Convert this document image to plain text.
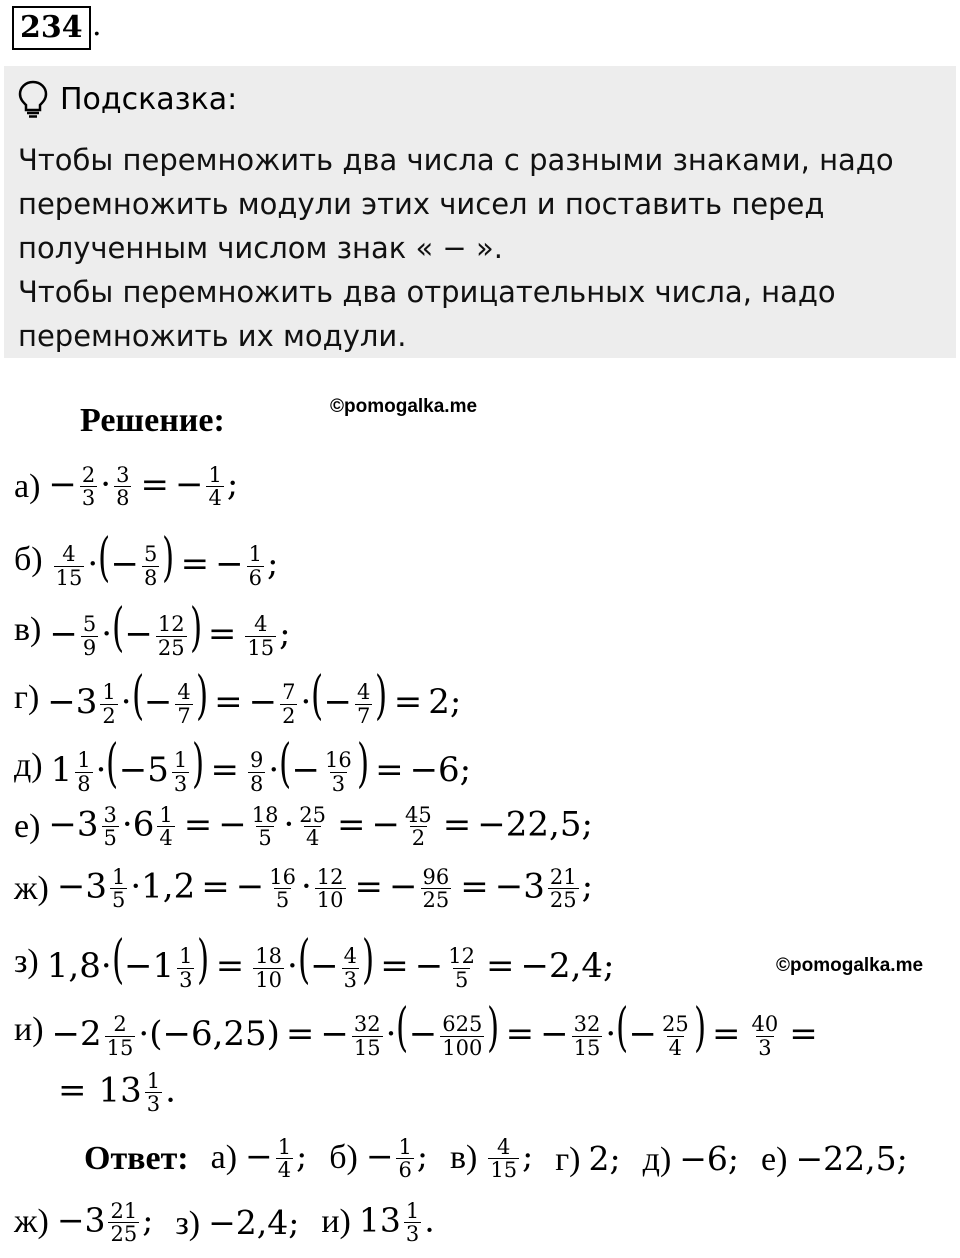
234 .
Подсказка:
Чтобы перемножить два числа с разными знаками, надо
перемножить модули этих чисел и поставить перед
полученным числом знак « − ».
Чтобы перемножить два отрицательных числа, надо
перемножить их модули.
Решение:	©pomogalka.me
$а) - \frac{2}{3} \cdot \frac{3}{8}$ = − $\frac{1}{4}$ ;
$б) \frac{4}{15}$ ·(− $\frac{5}{8}$ ) = − $\frac{1}{6}$ ;
$в) - \frac{5}{9}$ ·(− $\frac{12}{25}$ ) = $\frac{4}{15}$ ;
$г) -3 \frac{1}{2}$ ·(− $\frac{4}{7}$ ) = − $\frac{7}{2}$ ·(− $\frac{4}{7}$ ) = 2;
д) $1 \frac{1}{8} \cdot(-5 \frac{1}{3}$ ) = $\frac{9}{8}$ ·(− $\frac{16}{3}$ ) = −6;
$е) -3 \frac{3}{5} \cdot 6 \frac{1}{4}$ = − $\frac{18}{5} \cdot \frac{25}{4}$ = − $\frac{45}{2} = -22,5$;
$ж) -3 \frac{1}{5} \cdot 1,2$ = − $\frac{16}{5} \cdot \frac{12}{10}$ = − $\frac{96}{25} = -3 \frac{21}{25}$ ;
з) $1,8\cdot(-1 \frac{1}{3}$ ) = $\frac{18}{10}$ ·(− $\frac{4}{3}$ ) = − $\frac{12}{5} = -2,4$;	©pomogalka.me
$и) -2 \frac{2}{15} \cdot(-6,25)$ = − $\frac{32}{15}$ ·(− $\frac{625}{100}$ ) = − $\frac{32}{15}$ ·(− $\frac{25}{4}$ ) = $\frac{40}{3}$ =
= $13 \frac{1}{3}$ .
Ответ: $а) - \frac{1}{4}$ ; $б) - \frac{1}{6}$ ; $в) \frac{4}{15}$ ; г) 2; д) −6; е) −22,5;
$ж) -3 \frac{21}{25}$ ; з) −2,4; и) $13 \frac{1}{3}$ .
